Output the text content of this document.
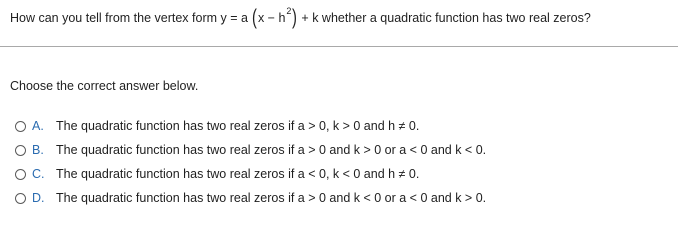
How can you tell from the vertex form y = a ( x − h 2 ) + k whether a quadratic function has two real zeros?
Choose the correct answer below.
A. The quadratic function has two real zeros if a > 0, k > 0 and h ≠ 0.
B. The quadratic function has two real zeros if a > 0 and k > 0 or a < 0 and k < 0.
C. The quadratic function has two real zeros if a < 0, k < 0 and h ≠ 0.
D. The quadratic function has two real zeros if a > 0 and k < 0 or a < 0 and k > 0.
